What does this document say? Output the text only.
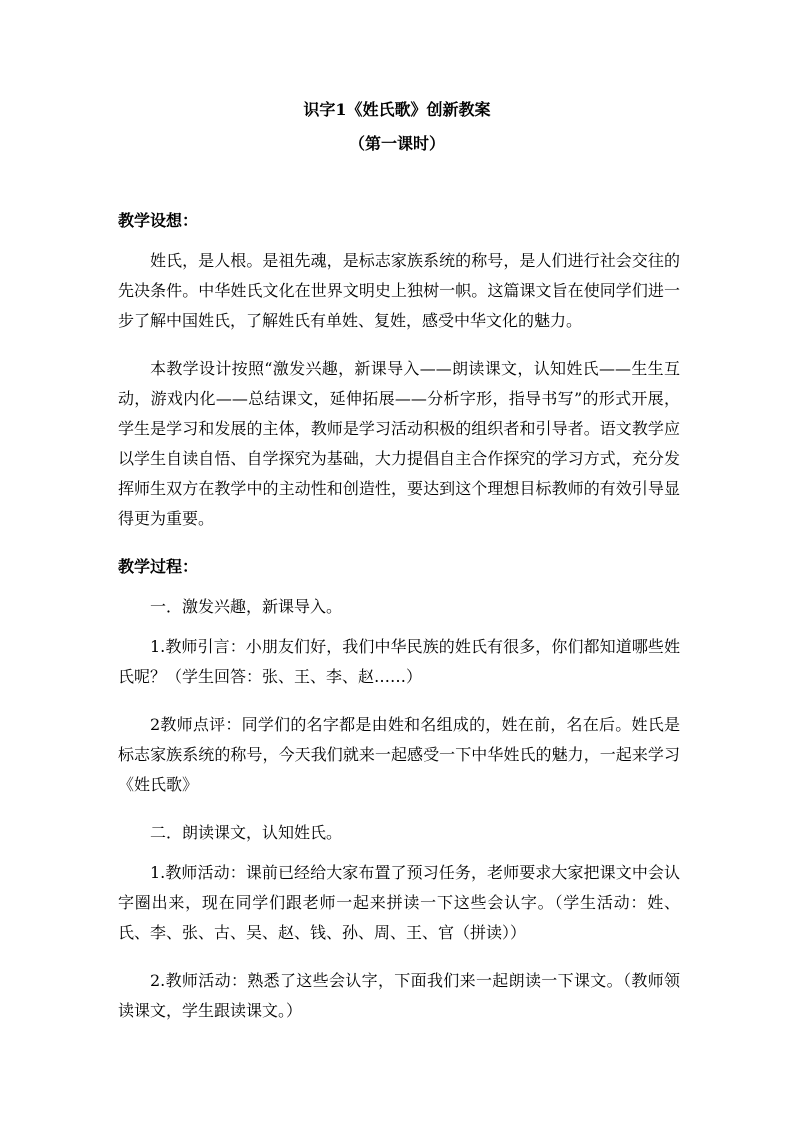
识字1《姓氏歌》创新教案
（第一课时）
教学设想：
姓氏，是人根。是祖先魂，是标志家族系统的称号，是人们进行社会交往的先决条件。中华姓氏文化在世界文明史上独树一帜。这篇课文旨在使同学们进一步了解中国姓氏，了解姓氏有单姓、复姓，感受中华文化的魅力。
本教学设计按照“激发兴趣，新课导入——朗读课文，认知姓氏——生生互动，游戏内化——总结课文，延伸拓展——分析字形，指导书写”的形式开展，学生是学习和发展的主体，教师是学习活动积极的组织者和引导者。语文教学应以学生自读自悟、自学探究为基础，大力提倡自主合作探究的学习方式，充分发挥师生双方在教学中的主动性和创造性，要达到这个理想目标教师的有效引导显得更为重要。
教学过程：
一．激发兴趣，新课导入。
1.教师引言：小朋友们好，我们中华民族的姓氏有很多，你们都知道哪些姓氏呢？（学生回答：张、王、李、赵……）
2教师点评：同学们的名字都是由姓和名组成的，姓在前，名在后。姓氏是标志家族系统的称号，今天我们就来一起感受一下中华姓氏的魅力，一起来学习《姓氏歌》
二．朗读课文，认知姓氏。
1.教师活动：课前已经给大家布置了预习任务，老师要求大家把课文中会认字圈出来，现在同学们跟老师一起来拼读一下这些会认字。（学生活动：姓、氏、李、张、古、吴、赵、钱、孙、周、王、官（拼读））
2.教师活动：熟悉了这些会认字，下面我们来一起朗读一下课文。（教师领读课文，学生跟读课文。）
